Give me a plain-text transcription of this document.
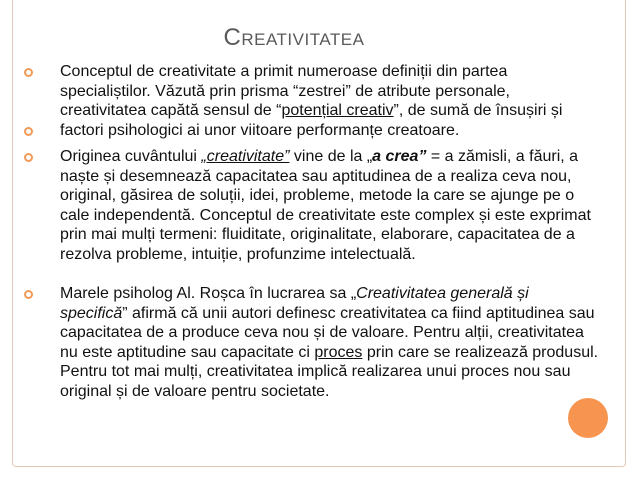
CREATIVITATEA
Conceptul de creativitate a primit numeroase definiții din partea specialiștilor. Văzută prin prisma “zestrei” de atribute personale, creativitatea capătă sensul de “potențial creativ”, de sumă de însușiri și factori psihologici ai unor viitoare performanțe creatoare.
Originea cuvântului „creativitate” vine de la „a crea” = a zămisli, a făuri, a naște și desemnează capacitatea sau aptitudinea de a realiza ceva nou, original, găsirea de soluții, idei, probleme, metode la care se ajunge pe o cale independentă. Conceptul de creativitate este complex și este exprimat prin mai mulți termeni: fluiditate, originalitate, elaborare, capacitatea de a rezolva probleme, intuiție, profunzime intelectuală.
Marele psiholog Al. Roșca în lucrarea sa „Creativitatea generală și specifică” afirmă că unii autori definesc creativitatea ca fiind aptitudinea sau capacitatea de a produce ceva nou și de valoare. Pentru alții, creativitatea nu este aptitudine sau capacitate ci proces prin care se realizează produsul. Pentru tot mai mulți, creativitatea implică realizarea unui proces nou sau original și de valoare pentru societate.
